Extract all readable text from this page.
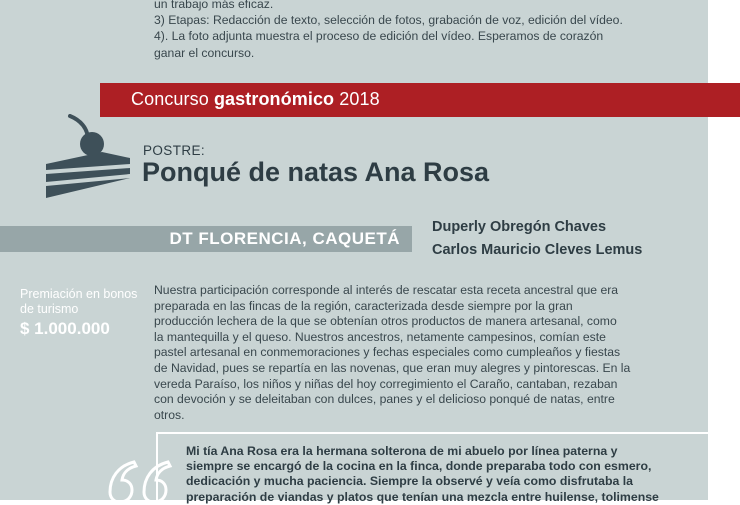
un trabajo más eficaz.
3) Etapas: Redacción de texto, selección de fotos, grabación de voz, edición del vídeo.
4). La foto adjunta muestra el proceso de edición del vídeo. Esperamos de corazón
ganar el concurso.
Concurso gastronómico 2018
POSTRE:
Ponqué de natas Ana Rosa
DT FLORENCIA, CAQUETÁ
Duperly Obregón Chaves
Carlos Mauricio Cleves Lemus
Premiación en bonos de turismo
$ 1.000.000
Nuestra participación corresponde al interés de rescatar esta receta ancestral que era
preparada en las fincas de la región, caracterizada desde siempre por la gran
producción lechera de la que se obtenían otros productos de manera artesanal, como
la mantequilla y el queso. Nuestros ancestros, netamente campesinos, comían este
pastel artesanal en conmemoraciones y fechas especiales como cumpleaños y fiestas
de Navidad, pues se repartía en las novenas, que eran muy alegres y pintorescas. En la
vereda Paraíso, los niños y niñas del hoy corregimiento el Caraño, cantaban, rezaban
con devoción y se deleitaban con dulces, panes y el delicioso ponqué de natas, entre
otros.
Mi tía Ana Rosa era la hermana solterona de mi abuelo por línea paterna y
siempre se encargó de la cocina en la finca, donde preparaba todo con esmero,
dedicación y mucha paciencia. Siempre la observé y veía como disfrutaba la
preparación de viandas y platos que tenían una mezcla entre huilense, tolimense
